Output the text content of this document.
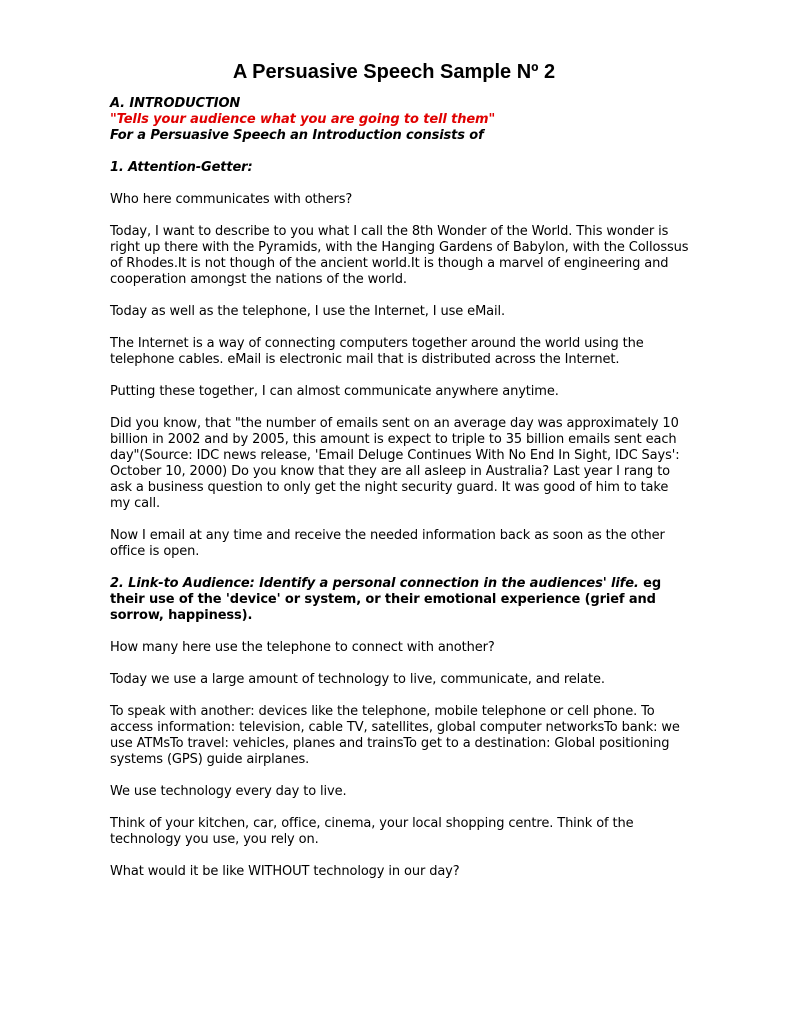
A Persuasive Speech Sample Nº 2

A. INTRODUCTION

"Tells your audience what you are going to tell them"

For a Persuasive Speech an Introduction consists of

1. Attention-Getter:

Who here communicates with others?

Today, I want to describe to you what I call the 8th Wonder of the World. This wonder is right up there with the Pyramids, with the Hanging Gardens of Babylon, with the Collossus of Rhodes.It is not though of the ancient world.It is though a marvel of engineering and cooperation amongst the nations of the world.

Today as well as the telephone, I use the Internet, I use eMail.

The Internet is a way of connecting computers together around the world using the telephone cables. eMail is electronic mail that is distributed across the Internet.

Putting these together, I can almost communicate anywhere anytime.

Did you know, that "the number of emails sent on an average day was approximately 10 billion in 2002 and by 2005, this amount is expect to triple to 35 billion emails sent each day"(Source: IDC news release, 'Email Deluge Continues With No End In Sight, IDC Says': October 10, 2000) Do you know that they are all asleep in Australia? Last year I rang to ask a business question to only get the night security guard. It was good of him to take my call.

Now I email at any time and receive the needed information back as soon as the other office is open.

2. Link-to Audience: Identify a personal connection in the audiences' life. eg their use of the 'device' or system, or their emotional experience (grief and sorrow, happiness).

How many here use the telephone to connect with another?

Today we use a large amount of technology to live, communicate, and relate.

To speak with another: devices like the telephone, mobile telephone or cell phone. To access information: television, cable TV, satellites, global computer networksTo bank: we use ATMsTo travel: vehicles, planes and trainsTo get to a destination: Global positioning systems (GPS) guide airplanes.

We use technology every day to live.

Think of your kitchen, car, office, cinema, your local shopping centre. Think of the technology you use, you rely on.

What would it be like WITHOUT technology in our day?
